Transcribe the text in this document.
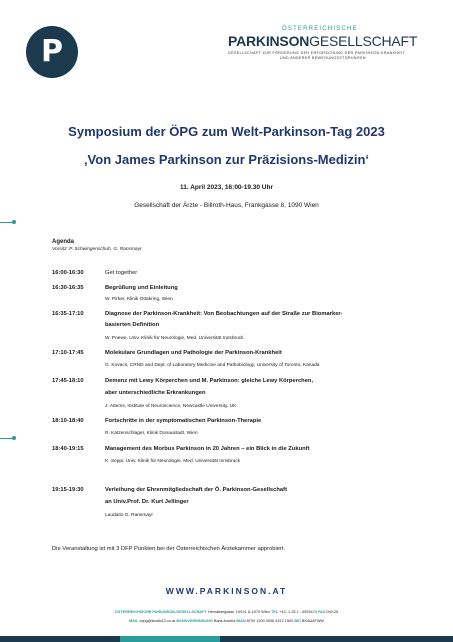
P
ÖSTERREICHISCHE
PARKINSONGESELLSCHAFT
GESELLSCHAFT ZUR FÖRDERUNG DER ERFORSCHUNG DER PARKINSON-KRANKHEIT
UND ANDERER BEWEGUNGSSTÖRUNGEN
Symposium der ÖPG zum Welt-Parkinson-Tag 2023
‚Von James Parkinson zur Präzisions-Medizin‘
11. April 2023, 16:00-19.30 Uhr
Gesellschaft der Ärzte - Billroth-Haus, Frankgasse 8, 1090 Wien
Agenda
Vorsitz: P. Schwingenschuh, G. Ransmayr
16:00-16:30	Get together
16:30-16:35	Begrüßung und Einleitung
W. Pirker, Klinik Ottakring, Wien
16:35-17:10	Diagnose der Parkinson-Krankheit: Von Beobachtungen auf der Straße zur Biomarker-
basierten Definition
W. Poewe, Univ. Klinik für Neurologie, Med. Universität Innsbruck
17:10-17:45	Molekulare Grundlagen und Pathologie der Parkinson-Krankheit
G. Kovacs, CRND and Dept. of Laboratory Medicine and Pathobiology, University of Toronto, Kanada
17:45-18:10	Demenz mit Lewy Körperchen und M. Parkinson: gleiche Lewy Körperchen,
aber unterschiedliche Erkrankungen
J. Attems, Institute of Neuroscience, Newcastle University, UK
18:10-18:40	Fortschritte in der symptomatischen Parkinson-Therapie
R. Katzenschlager, Klinik Donaustadt, Wien
18:40-19:15	Management des Morbus Parkinson in 20 Jahren – ein Blick in die Zukunft
K. Seppi, Univ. Klinik für Neurologie, Med. Universität Innsbruck
19:15-19:30	Verleihung der Ehrenmitgliedschaft der Ö. Parkinson-Gesellschaft
an Univ.Prof. Dr. Kurt Jellinger
Laudatio G. Ransmayr
Die Veranstaltung ist mit 3 DFP Punkten bei der Österreichischen Ärztekammer approbiert.
WWW.PARKINSON.AT
ÖSTERREICHISCHE PARKINSON-GESELLSCHAFT Hernalsergasse 19/1/4, A-1070 Wien TEL +43 -1-33 1 - 6903474 FAX DW-25
MAIL oepg@studio12.co.at BANKVERBINDUNG Bank Austria IBAN AT09 1200 0006 4312 1500 BIC BKAUATWW
